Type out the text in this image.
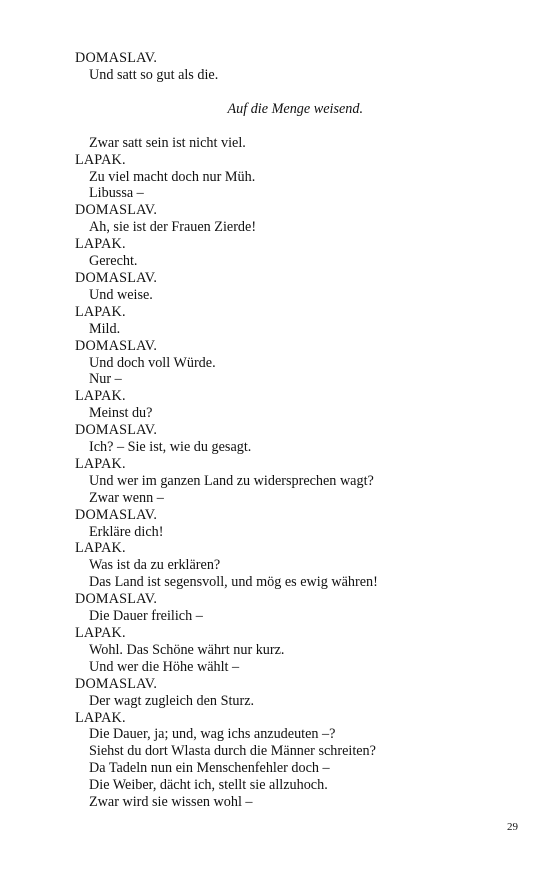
DOMASLAV.
Und satt so gut als die.
Auf die Menge weisend.
Zwar satt sein ist nicht viel.
LAPAK.
Zu viel macht doch nur Müh.
Libussa –
DOMASLAV.
Ah, sie ist der Frauen Zierde!
LAPAK.
Gerecht.
DOMASLAV.
Und weise.
LAPAK.
Mild.
DOMASLAV.
Und doch voll Würde.
Nur –
LAPAK.
Meinst du?
DOMASLAV.
Ich? – Sie ist, wie du gesagt.
LAPAK.
Und wer im ganzen Land zu widersprechen wagt?
Zwar wenn –
DOMASLAV.
Erkläre dich!
LAPAK.
Was ist da zu erklären?
Das Land ist segensvoll, und mög es ewig währen!
DOMASLAV.
Die Dauer freilich –
LAPAK.
Wohl. Das Schöne währt nur kurz.
Und wer die Höhe wählt –
DOMASLAV.
Der wagt zugleich den Sturz.
LAPAK.
Die Dauer, ja; und, wag ichs anzudeuten –?
Siehst du dort Wlasta durch die Männer schreiten?
Da Tadeln nun ein Menschenfehler doch –
Die Weiber, dächt ich, stellt sie allzuhoch.
Zwar wird sie wissen wohl –
29
